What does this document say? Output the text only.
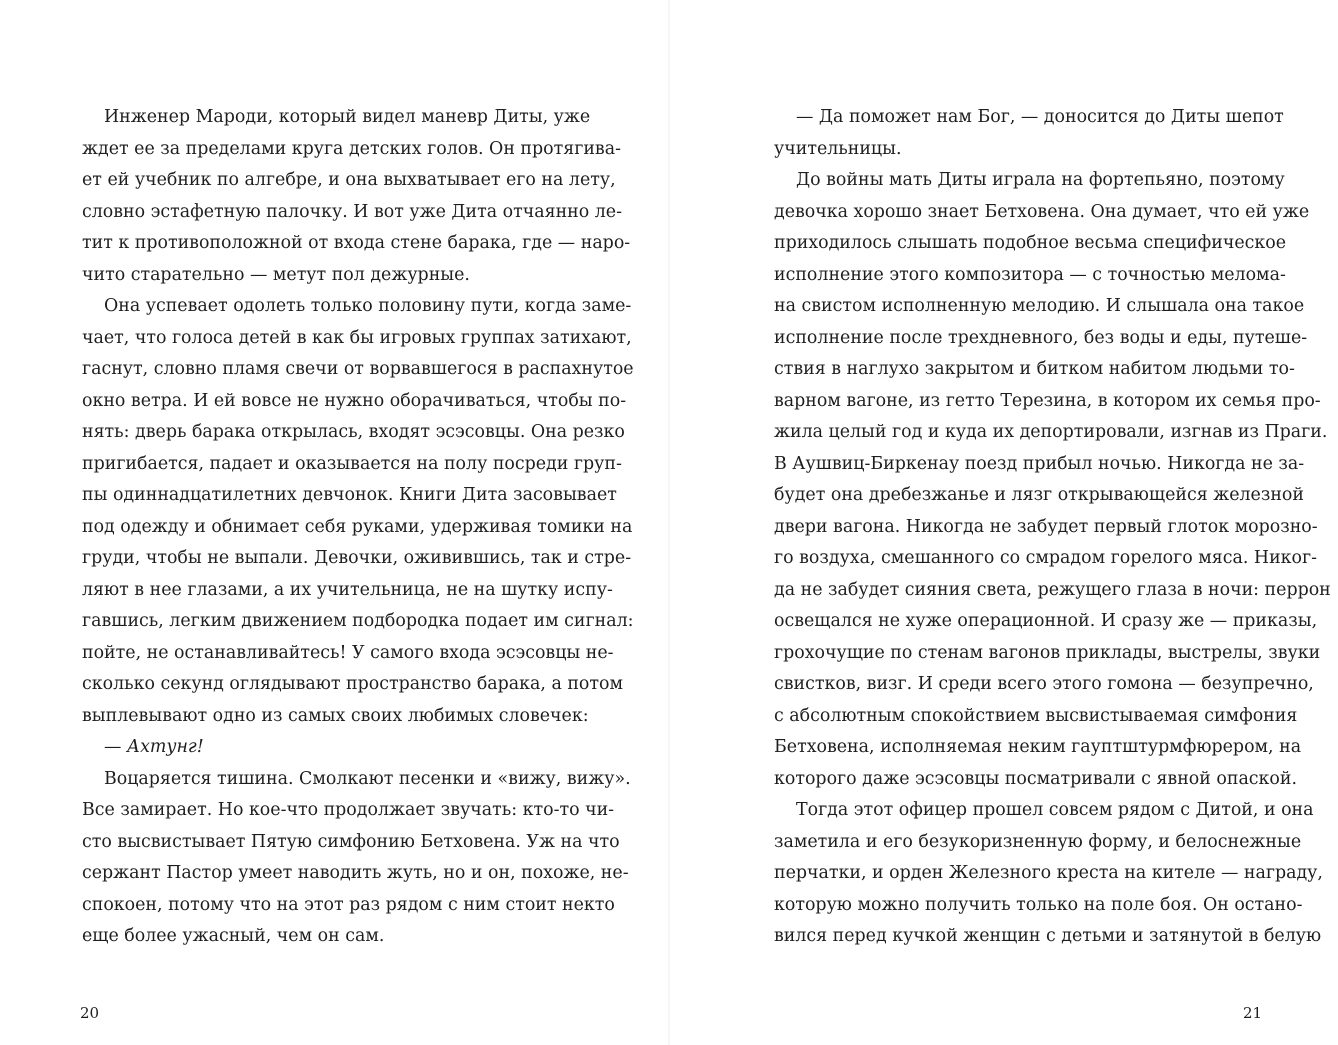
Инженер Мароди, который видел маневр Диты, уже
ждет ее за пределами круга детских голов. Он протягива-
ет ей учебник по алгебре, и она выхватывает его на лету,
словно эстафетную палочку. И вот уже Дита отчаянно ле-
тит к противоположной от входа стене барака, где — наро-
чито старательно — метут пол дежурные.
Она успевает одолеть только половину пути, когда заме-
чает, что голоса детей в как бы игровых группах затихают,
гаснут, словно пламя свечи от ворвавшегося в распахнутое
окно ветра. И ей вовсе не нужно оборачиваться, чтобы по-
нять: дверь барака открылась, входят эсэсовцы. Она резко
пригибается, падает и оказывается на полу посреди груп-
пы одиннадцатилетних девчонок. Книги Дита засовывает
под одежду и обнимает себя руками, удерживая томики на
груди, чтобы не выпали. Девочки, оживившись, так и стре-
ляют в нее глазами, а их учительница, не на шутку испу-
гавшись, легким движением подбородка подает им сигнал:
пойте, не останавливайтесь! У самого входа эсэсовцы не-
сколько секунд оглядывают пространство барака, а потом
выплевывают одно из самых своих любимых словечек:
— Ахтунг!
Воцаряется тишина. Смолкают песенки и «вижу, вижу».
Все замирает. Но кое-что продолжает звучать: кто-то чи-
сто высвистывает Пятую симфонию Бетховена. Уж на что
сержант Пастор умеет наводить жуть, но и он, похоже, не-
спокоен, потому что на этот раз рядом с ним стоит некто
еще более ужасный, чем он сам.
20
— Да поможет нам Бог, — доносится до Диты шепот
учительницы.
До войны мать Диты играла на фортепьяно, поэтому
девочка хорошо знает Бетховена. Она думает, что ей уже
приходилось слышать подобное весьма специфическое
исполнение этого композитора — с точностью мелома-
на свистом исполненную мелодию. И слышала она такое
исполнение после трехдневного, без воды и еды, путеше-
ствия в наглухо закрытом и битком набитом людьми то-
варном вагоне, из гетто Терезина, в котором их семья про-
жила целый год и куда их депортировали, изгнав из Праги.
В Аушвиц-Биркенау поезд прибыл ночью. Никогда не за-
будет она дребезжанье и лязг открывающейся железной
двери вагона. Никогда не забудет первый глоток морозно-
го воздуха, смешанного со смрадом горелого мяса. Никог-
да не забудет сияния света, режущего глаза в ночи: перрон
освещался не хуже операционной. И сразу же — приказы,
грохочущие по стенам вагонов приклады, выстрелы, звуки
свистков, визг. И среди всего этого гомона — безупречно,
с абсолютным спокойствием высвистываемая симфония
Бетховена, исполняемая неким гауптштурмфюрером, на
которого даже эсэсовцы посматривали с явной опаской.
Тогда этот офицер прошел совсем рядом с Дитой, и она
заметила и его безукоризненную форму, и белоснежные
перчатки, и орден Железного креста на кителе — награду,
которую можно получить только на поле боя. Он остано-
вился перед кучкой женщин с детьми и затянутой в белую
21
